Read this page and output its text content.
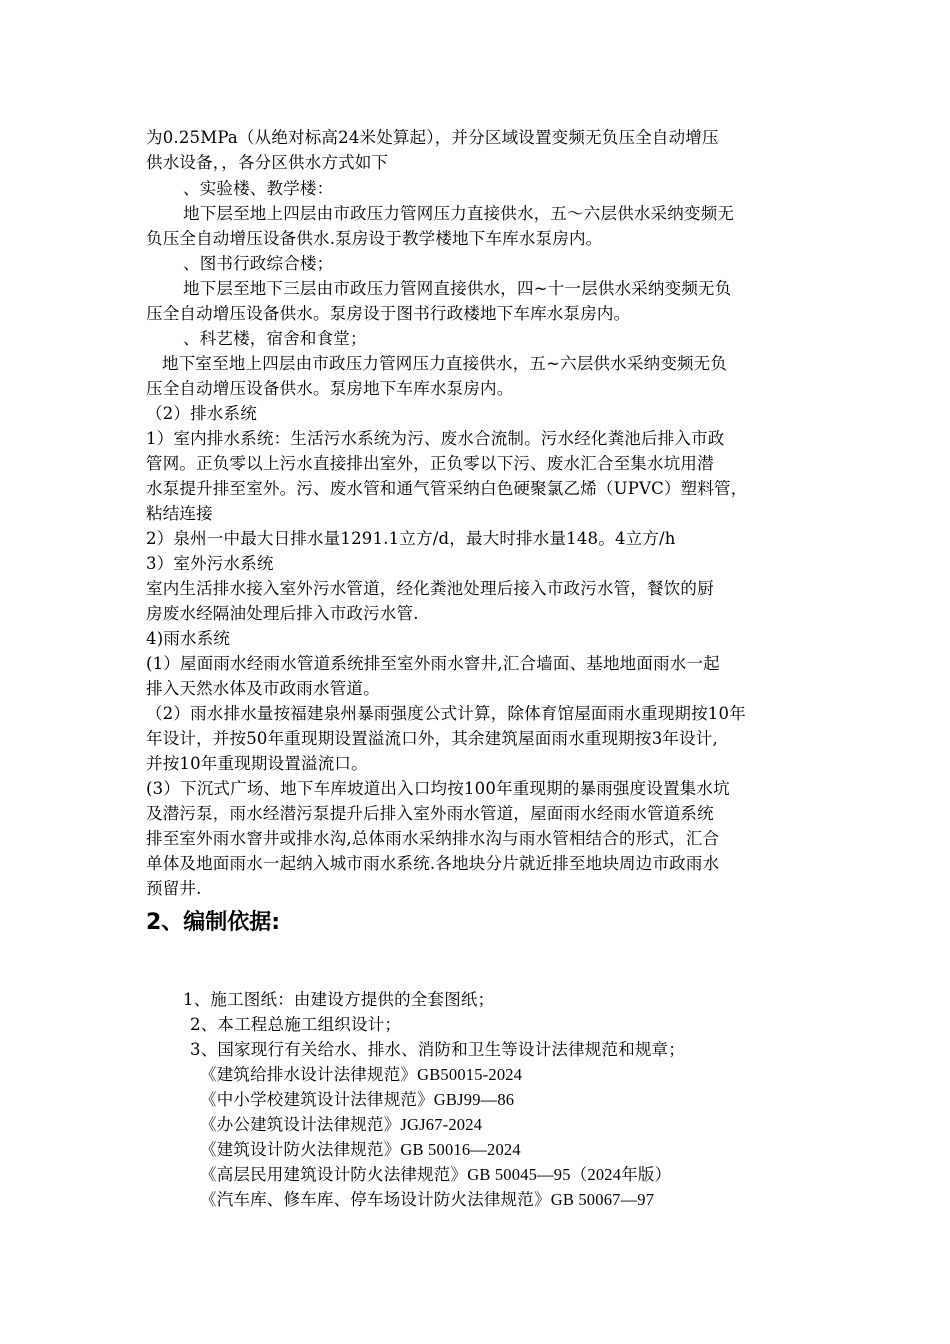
为0.25MPa（从绝对标高24米处算起），并分区域设置变频无负压全自动增压
供水设备，，各分区供水方式如下
、实验楼、教学楼：
地下层至地上四层由市政压力管网压力直接供水，五～六层供水采纳变频无
负压全自动增压设备供水.泵房设于教学楼地下车库水泵房内。
、图书行政综合楼；
地下层至地下三层由市政压力管网直接供水，四~十一层供水采纳变频无负
压全自动增压设备供水。泵房设于图书行政楼地下车库水泵房内。
、科艺楼，宿舍和食堂；
地下室至地上四层由市政压力管网压力直接供水，五~六层供水采纳变频无负
压全自动增压设备供水。泵房地下车库水泵房内。
（2）排水系统
1）室内排水系统：生活污水系统为污、废水合流制。污水经化粪池后排入市政
管网。正负零以上污水直接排出室外，正负零以下污、废水汇合至集水坑用潜
水泵提升排至室外。污、废水管和通气管采纳白色硬聚氯乙烯（UPVC）塑料管，
粘结连接
2）泉州一中最大日排水量1291.1立方/d，最大时排水量148。4立方/h
3）室外污水系统
室内生活排水接入室外污水管道，经化粪池处理后接入市政污水管，餐饮的厨
房废水经隔油处理后排入市政污水管.
4)雨水系统
(1）屋面雨水经雨水管道系统排至室外雨水窨井,汇合墙面、基地地面雨水一起
排入天然水体及市政雨水管道。
（2）雨水排水量按福建泉州暴雨强度公式计算，除体育馆屋面雨水重现期按10年
年设计，并按50年重现期设置溢流口外，其余建筑屋面雨水重现期按3年设计,
并按10年重现期设置溢流口。
(3）下沉式广场、地下车库坡道出入口均按100年重现期的暴雨强度设置集水坑
及潜污泵，雨水经潜污泵提升后排入室外雨水管道，屋面雨水经雨水管道系统
排至室外雨水窨井或排水沟,总体雨水采纳排水沟与雨水管相结合的形式，汇合
单体及地面雨水一起纳入城市雨水系统.各地块分片就近排至地块周边市政雨水
预留井.
2、编制依据:
1、施工图纸：由建设方提供的全套图纸；
2、本工程总施工组织设计；
3、国家现行有关给水、排水、消防和卫生等设计法律规范和规章；
《建筑给排水设计法律规范》GB50015-2024
《中小学校建筑设计法律规范》GBJ99—86
《办公建筑设计法律规范》JGJ67-2024
《建筑设计防火法律规范》GB 50016—2024
《高层民用建筑设计防火法律规范》GB 50045—95（2024年版）
《汽车库、修车库、停车场设计防火法律规范》GB 50067—97
